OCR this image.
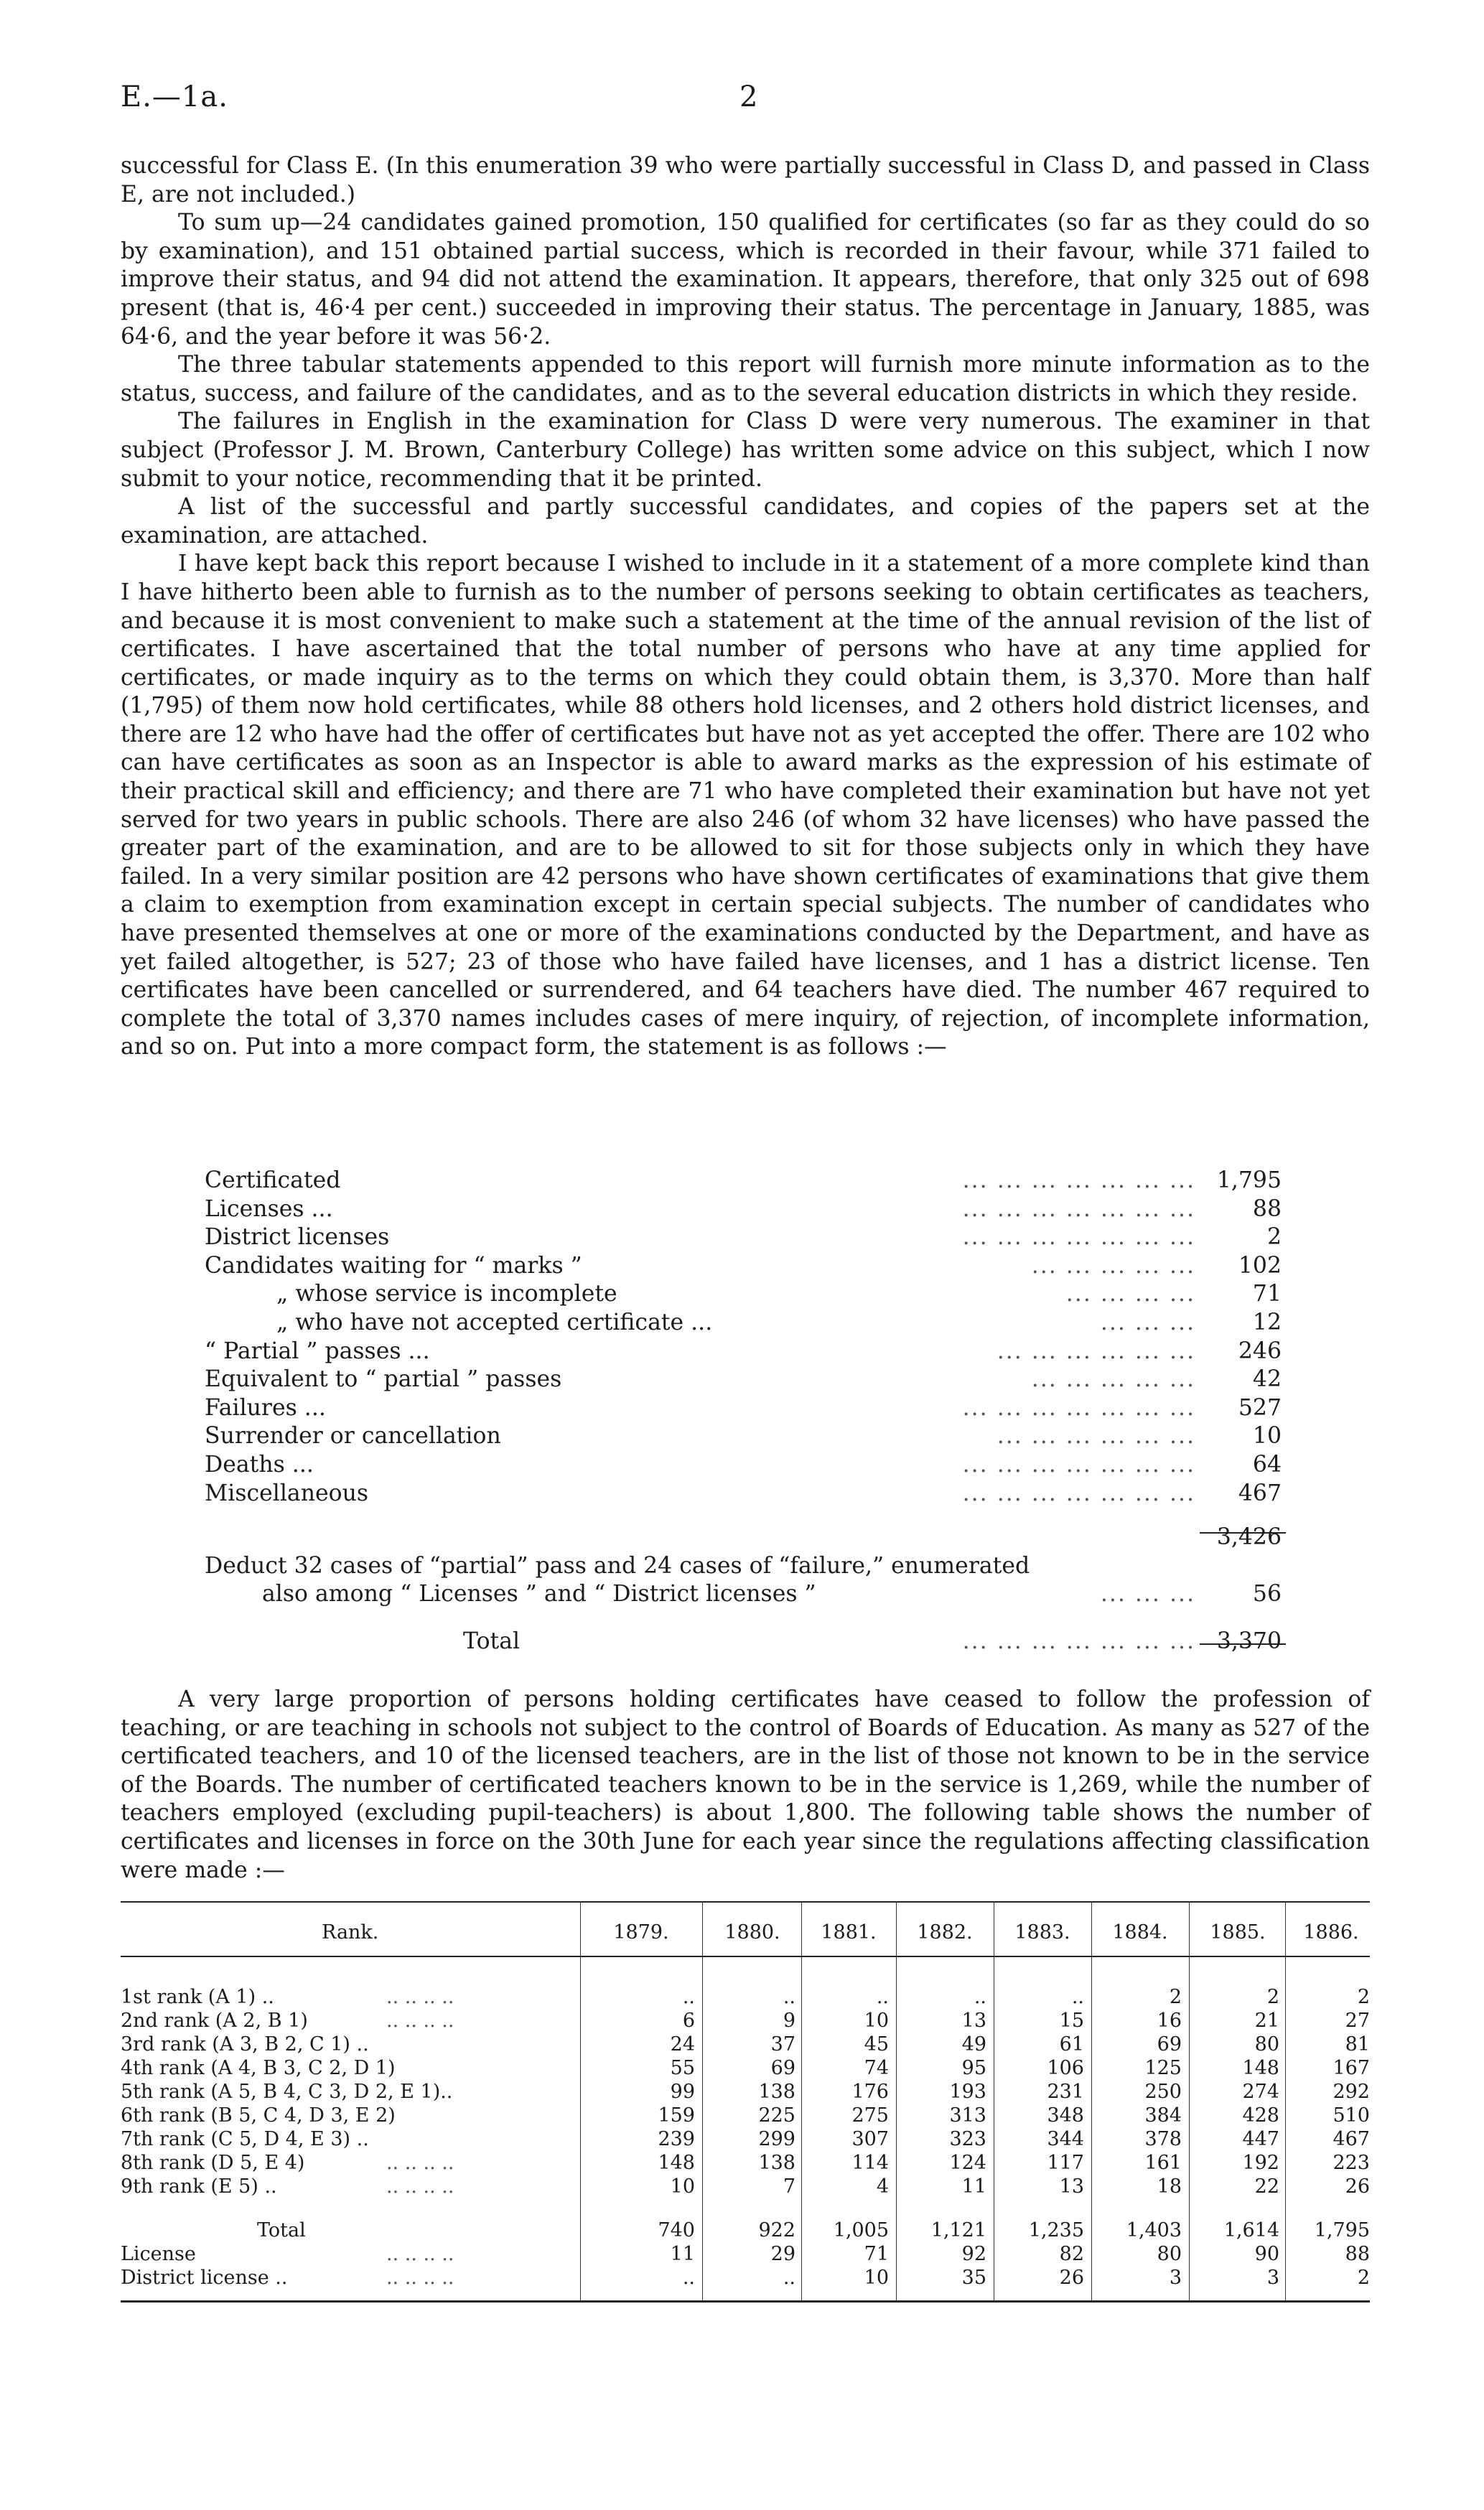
E.—1a.	2

successful for Class E. (In this enumeration 39 who were partially successful in Class D, and passed in Class E, are not included.)

To sum up—24 candidates gained promotion, 150 qualified for certificates (so far as they could do so by examination), and 151 obtained partial success, which is recorded in their favour, while 371 failed to improve their status, and 94 did not attend the examination. It appears, therefore, that only 325 out of 698 present (that is, 46·4 per cent.) succeeded in improving their status. The percentage in January, 1885, was 64·6, and the year before it was 56·2.

The three tabular statements appended to this report will furnish more minute information as to the status, success, and failure of the candidates, and as to the several education districts in which they reside.

The failures in English in the examination for Class D were very numerous. The examiner in that subject (Professor J. M. Brown, Canterbury College) has written some advice on this subject, which I now submit to your notice, recommending that it be printed.

A list of the successful and partly successful candidates, and copies of the papers set at the examination, are attached.

I have kept back this report because I wished to include in it a statement of a more complete kind than I have hitherto been able to furnish as to the number of persons seeking to obtain certificates as teachers, and because it is most convenient to make such a statement at the time of the annual revision of the list of certificates. I have ascertained that the total number of persons who have at any time applied for certificates, or made inquiry as to the terms on which they could obtain them, is 3,370. More than half (1,795) of them now hold certificates, while 88 others hold licenses, and 2 others hold district licenses, and there are 12 who have had the offer of certificates but have not as yet accepted the offer. There are 102 who can have certificates as soon as an Inspector is able to award marks as the expression of his estimate of their practical skill and efficiency; and there are 71 who have completed their examination but have not yet served for two years in public schools. There are also 246 (of whom 32 have licenses) who have passed the greater part of the examination, and are to be allowed to sit for those subjects only in which they have failed. In a very similar position are 42 persons who have shown certificates of examinations that give them a claim to exemption from examination except in certain special subjects. The number of candidates who have presented themselves at one or more of the examinations conducted by the Department, and have as yet failed altogether, is 527; 23 of those who have failed have licenses, and 1 has a district license. Ten certificates have been cancelled or surrendered, and 64 teachers have died. The number 467 required to complete the total of 3,370 names includes cases of mere inquiry, of rejection, of incomplete information, and so on. Put into a more compact form, the statement is as follows :—

Certificated	... ... ... ... ... ... ... 1,795
Licenses ...	... ... ... ... ... ... ...	88
District licenses	... ... ... ... ... ... ...	2
Candidates waiting for “ marks ”	... ... ... ... ... 102
„ whose service is incomplete	... ... ... ...	71
„ who have not accepted certificate ...	... ... ...	12
“ Partial ” passes ...	... ... ... ... ... ... 246
Equivalent to “ partial ” passes	... ... ... ... ...	42
Failures ...	... ... ... ... ... ... ... 527
Surrender or cancellation	... ... ... ... ... ...	10
Deaths ...	... ... ... ... ... ... ...	64
Miscellaneous	... ... ... ... ... ... ... 467
3,426
Deduct 32 cases of “partial” pass and 24 cases of “failure,” enumerated
also among “ Licenses ” and “ District licenses ”	... ... ...	56
Total	... ... ... ... ... ... ... 3,370

A very large proportion of persons holding certificates have ceased to follow the profession of teaching, or are teaching in schools not subject to the control of Boards of Education. As many as 527 of the certificated teachers, and 10 of the licensed teachers, are in the list of those not known to be in the service of the Boards. The number of certificated teachers known to be in the service is 1,269, while the number of teachers employed (excluding pupil-teachers) is about 1,800. The following table shows the number of certificates and licenses in force on the 30th June for each year since the regulations affecting classification were made :—

Rank.	1879.	1880.	1881.	1882.	1883.	1884.	1885.	1886.
1st rank (A 1) ..	.. .. .. ..	..	..	..	..	..	2	2	2
2nd rank (A 2, B 1)	.. .. .. ..	6	9	10	13	15	16	21	27
3rd rank (A 3, B 2, C 1) ..	24	37	45	49	61	69	80	81
4th rank (A 4, B 3, C 2, D 1)	55	69	74	95	106	125	148	167
5th rank (A 5, B 4, C 3, D 2, E 1)..	99	138	176	193	231	250	274	292
6th rank (B 5, C 4, D 3, E 2)	159	225	275	313	348	384	428	510
7th rank (C 5, D 4, E 3) ..	239	299	307	323	344	378	447	467
8th rank (D 5, E 4)	.. .. .. ..	148	138	114	124	117	161	192	223
9th rank (E 5) ..	.. .. .. ..	10	7	4	11	13	18	22	26
Total	740	922	1,005	1,121	1,235	1,403	1,614	1,795
License	.. .. .. ..	11	29	71	92	82	80	90	88
District license ..	.. .. .. ..	..	..	10	35	26	3	3	2
